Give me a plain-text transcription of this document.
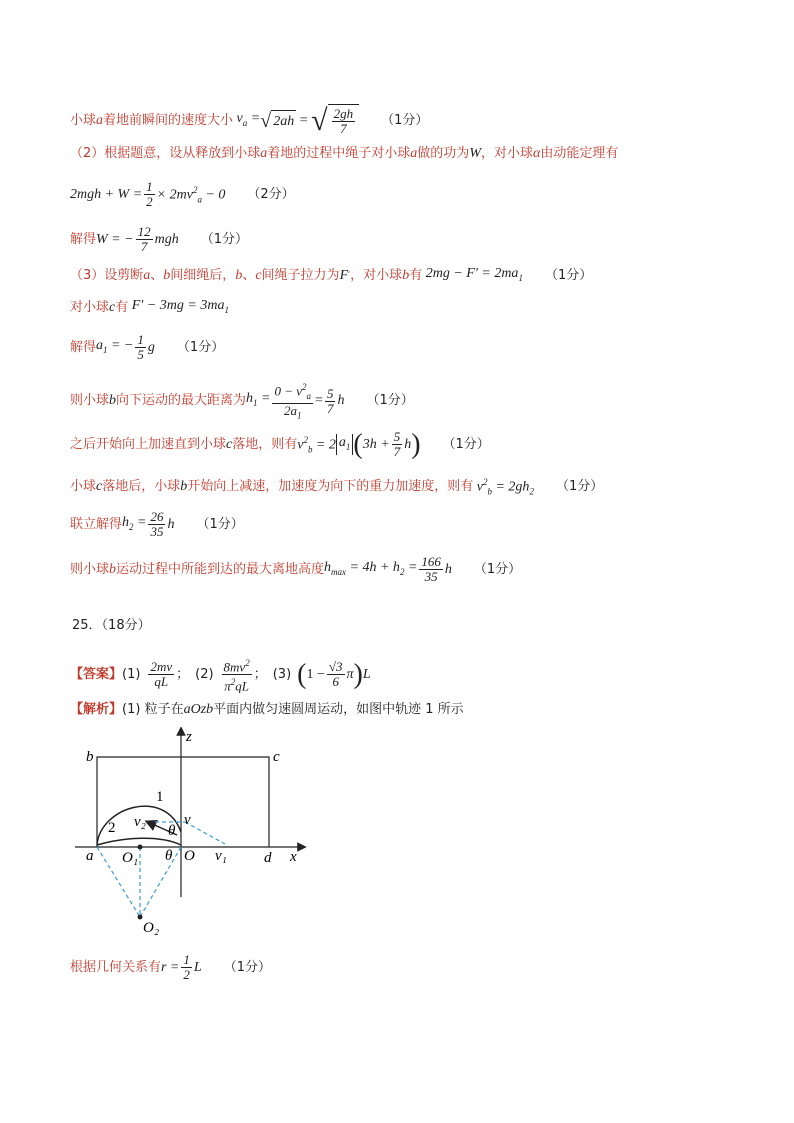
小球 a 着地前瞬间的速度大小 $v_a$ = √ 2ah = √ $\frac{2gh}{7} (1$分）
（2）根据题意，设从释放到小球 a 着地的过程中绳子对小球 a 做的功为 W ，对小球 α 由动能定理有
$2mgh + W = \frac{1}{2} \times 2mv^2_a - 0$ （2分）
解得 W = − $\frac{12}{7}$ mgh （1分）
（3）设剪断 a 、 b 间细绳后， b 、 c 间绳子拉力为 F ′ ，对小球 b 有 $2mg - F' = 2ma_1$ （1分）
对小球 c 有 $F' - 3mg = 3ma_1$
解得 $a_1$ = − $\frac{1}{5}$ g （1分）
则小球 b 向下运动的最大距离为 $h_1 = \frac{0 - v^2_a}{2a_1} = \frac{5}{7}$ h （1分）
之后开始向上加速直到小球 c 落地，则有 $v^2_b = 2$ $a_1$ ( $3h + \frac{5}{7}$ h ) （1分）
小球 c 落地后，小球 b 开始向上减速，加速度为向下的重力加速度，则有 $v^2_b = 2gh_2$ （1分）
联立解得 $h_2 = \frac{26}{35}$ h （1分）
则小球 b 运动过程中所能到达的最大离地高度 $h_{max} = 4h + h_2 = \frac{166}{35}$ h （1分）
25．（18分）
【答案】 $(1) \frac{2mv}{qL}$ ； $(2) \frac{8mv^2}{\pi^2qL}$ ； (3) ( $1 - \frac{√3}{6}$ π ) L
【解析】 (1) 粒子在 aOzb 平面内做匀速圆周运动，如图中轨迹 1 所示
z
b	c
1
2	v
v₂
θ
a O₁ θ O v₁ d x
O₂
根据几何关系有 $r = \frac{1}{2}$ L （1分）
